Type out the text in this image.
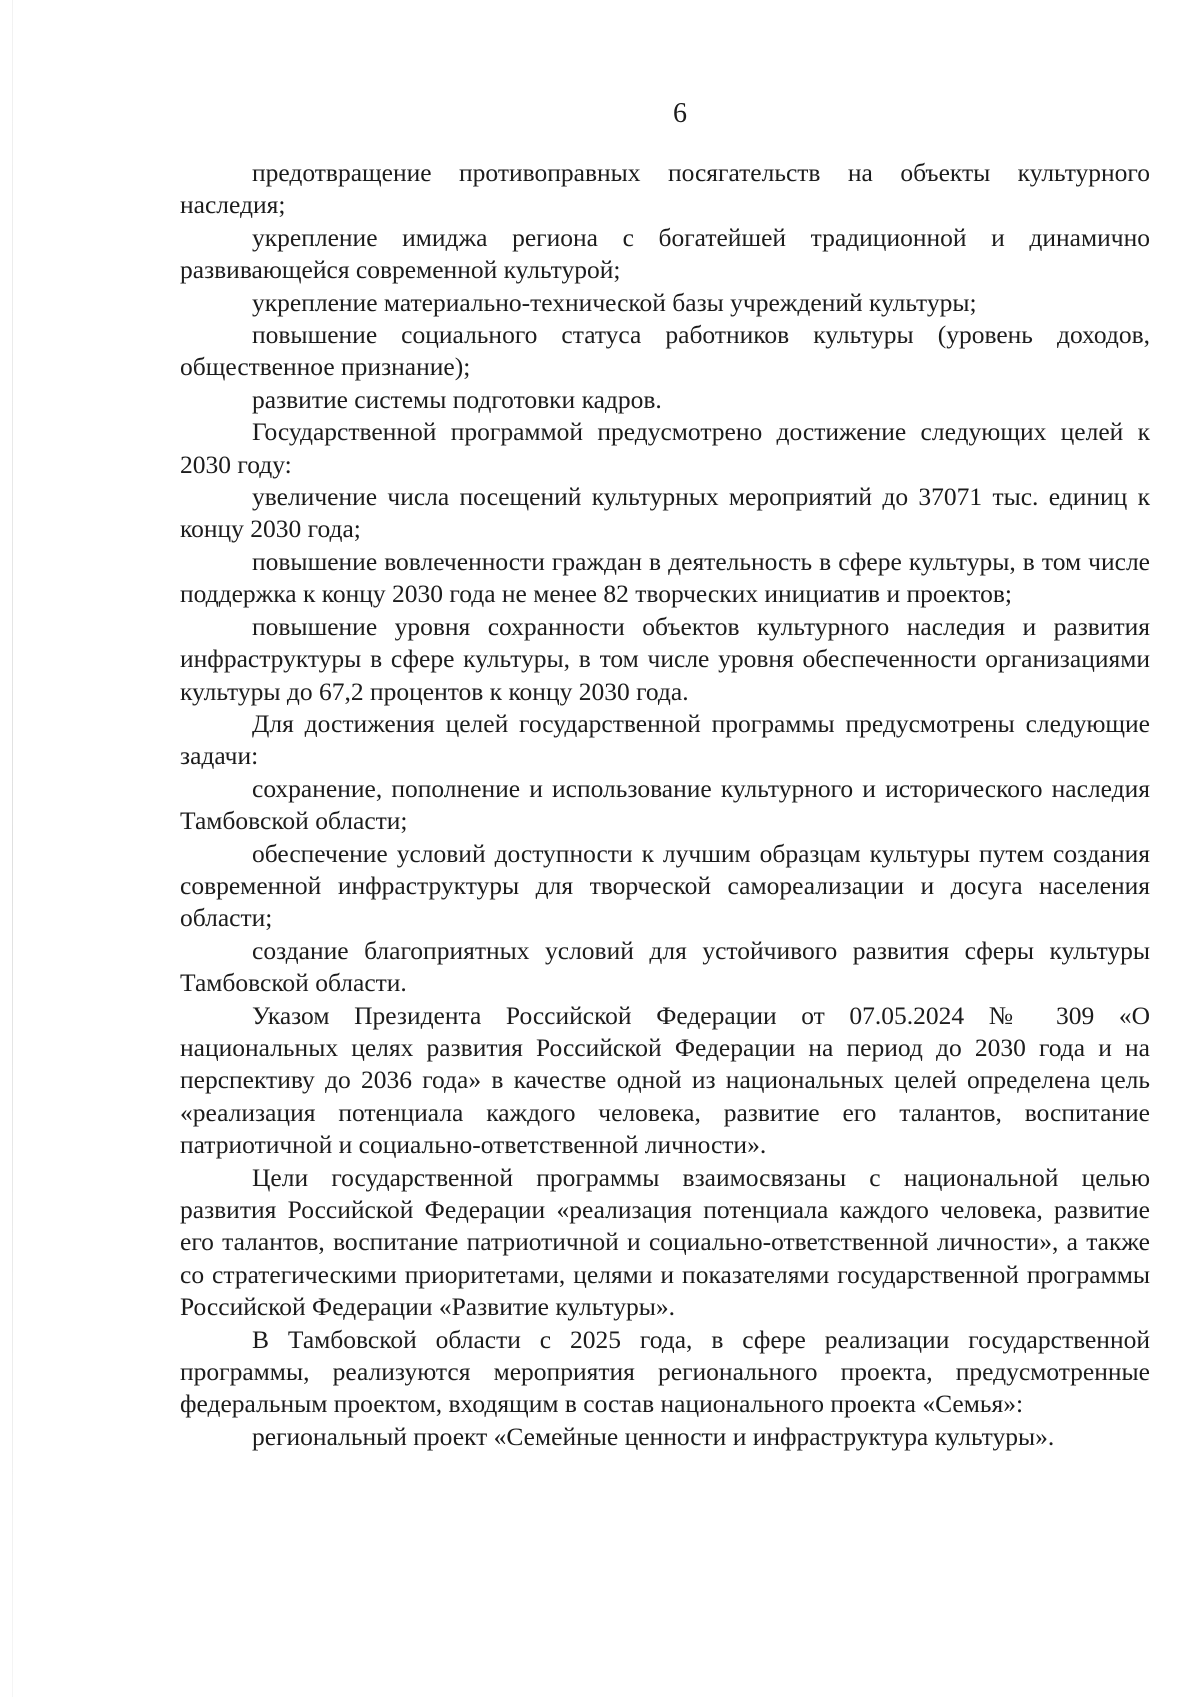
6

предотвращение противоправных посягательств на объекты культурного наследия;

укрепление имиджа региона с богатейшей традиционной и динамично развивающейся современной культурой;

укрепление материально-технической базы учреждений культуры;

повышение социального статуса работников культуры (уровень доходов, общественное признание);

развитие системы подготовки кадров.

Государственной программой предусмотрено достижение следующих целей к 2030 году:

увеличение числа посещений культурных мероприятий до 37071 тыс. единиц к концу 2030 года;

повышение вовлеченности граждан в деятельность в сфере культуры, в том числе поддержка к концу 2030 года не менее 82 творческих инициатив и проектов;

повышение уровня сохранности объектов культурного наследия и развития инфраструктуры в сфере культуры, в том числе уровня обеспеченности организациями культуры до 67,2 процентов к концу 2030 года.

Для достижения целей государственной программы предусмотрены следующие задачи:

сохранение, пополнение и использование культурного и исторического наследия Тамбовской области;

обеспечение условий доступности к лучшим образцам культуры путем создания современной инфраструктуры для творческой самореализации и досуга населения области;

создание благоприятных условий для устойчивого развития сферы культуры Тамбовской области.

Указом Президента Российской Федерации от 07.05.2024 № 309 «О национальных целях развития Российской Федерации на период до 2030 года и на перспективу до 2036 года» в качестве одной из национальных целей определена цель «реализация потенциала каждого человека, развитие его талантов, воспитание патриотичной и социально-ответственной личности».

Цели государственной программы взаимосвязаны с национальной целью развития Российской Федерации «реализация потенциала каждого человека, развитие его талантов, воспитание патриотичной и социально-ответственной личности», а также со стратегическими приоритетами, целями и показателями государственной программы Российской Федерации «Развитие культуры».

В Тамбовской области с 2025 года, в сфере реализации государственной программы, реализуются мероприятия регионального проекта, предусмотренные федеральным проектом, входящим в состав национального проекта «Семья»:

региональный проект «Семейные ценности и инфраструктура культуры».
